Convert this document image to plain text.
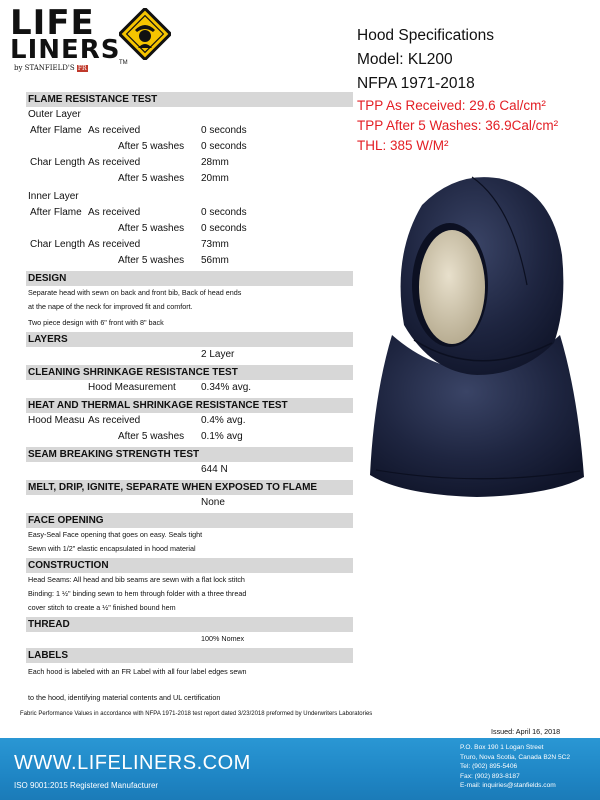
LIFE
LINERS
by STANFIELD'S FR
TM
Hood Specifications
Model: KL200
NFPA 1971-2018
TPP As Received: 29.6 Cal/cm²
TPP After 5 Washes: 36.9Cal/cm²
THL: 385 W/M²
FLAME RESISTANCE TEST
Outer Layer
After Flame As received	0 seconds
After 5 washes 0 seconds
Char Length As received	28mm
After 5 washes 20mm
Inner Layer
After Flame As received	0 seconds
After 5 washes 0 seconds
Char Length As received	73mm
After 5 washes 56mm
DESIGN
Separate head with sewn on back and front bib, Back of head ends
at the nape of the neck for improved fit and comfort.
Two piece design with 6" front with 8" back
LAYERS
2 Layer
CLEANING SHRINKAGE RESISTANCE TEST
Hood Measurement	0.34% avg.
HEAT AND THERMAL SHRINKAGE RESISTANCE TEST
Hood Measu As received	0.4% avg.
After 5 washes 0.1% avg
SEAM BREAKING STRENGTH TEST
644 N
MELT, DRIP, IGNITE, SEPARATE WHEN EXPOSED TO FLAME
None
FACE OPENING
Easy-Seal Face opening that goes on easy. Seals tight
Sewn with 1/2" elastic encapsulated in hood material
CONSTRUCTION
Head Seams: All head and bib seams are sewn with a flat lock stitch
Binding: 1 ½" binding sewn to hem through folder with a three thread
cover stitch to create a ½" finished bound hem
THREAD
100% Nomex
LABELS
Each hood is labeled with an FR Label with all four label edges sewn
to the hood, identifying material contents and UL certification
Fabric Performance Values in accordance with NFPA 1971-2018 test report dated 3/23/2018 preformed by Underwriters Laboratories
Issued: April 16, 2018
WWW.LIFELINERS.COM
ISO 9001:2015 Registered Manufacturer
P.O. Box 190 1 Logan Street
Truro, Nova Scotia, Canada B2N 5C2
Tel: (902) 895-5406
Fax: (902) 893-8187
E-mail: inquiries@stanfields.com
